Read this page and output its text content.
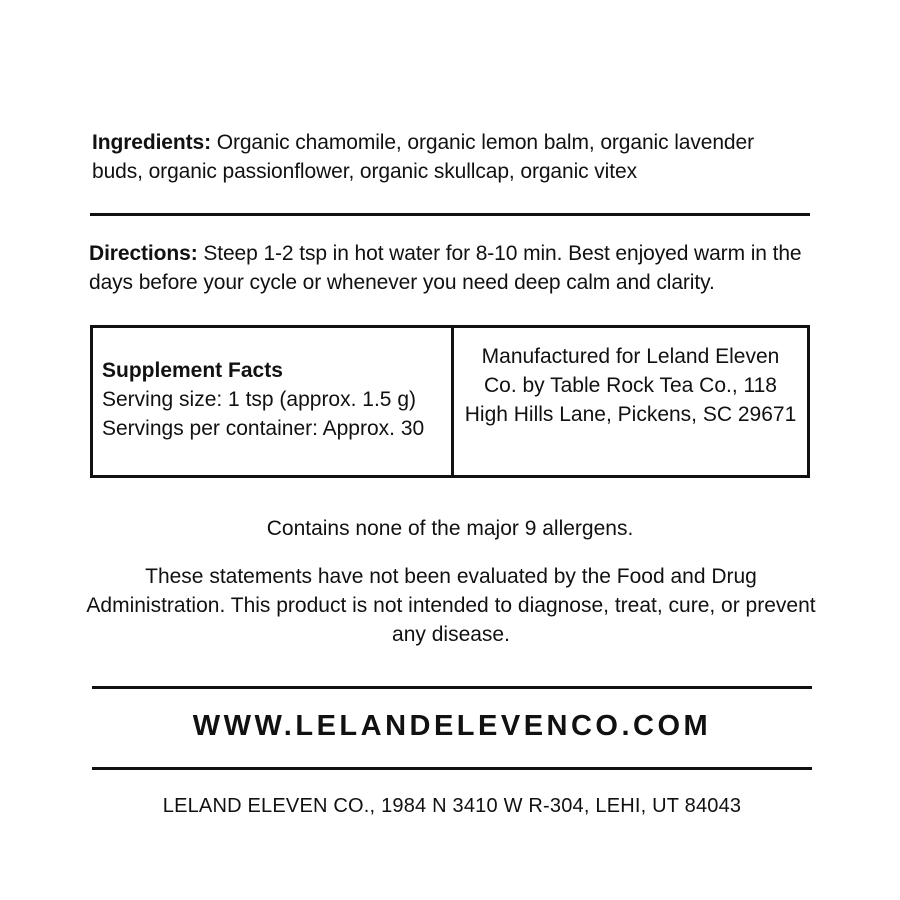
Ingredients: Organic chamomile, organic lemon balm, organic lavender buds, organic passionflower, organic skullcap, organic vitex
Directions: Steep 1-2 tsp in hot water for 8-10 min. Best enjoyed warm in the days before your cycle or whenever you need deep calm and clarity.
Supplement Facts
Serving size: 1 tsp (approx. 1.5 g)
Servings per container: Approx. 30
Manufactured for Leland Eleven Co. by Table Rock Tea Co., 118 High Hills Lane, Pickens, SC 29671
Contains none of the major 9 allergens.
These statements have not been evaluated by the Food and Drug Administration. This product is not intended to diagnose, treat, cure, or prevent any disease.
WWW.LELANDELEVENCO.COM
LELAND ELEVEN CO., 1984 N 3410 W R-304, LEHI, UT 84043
